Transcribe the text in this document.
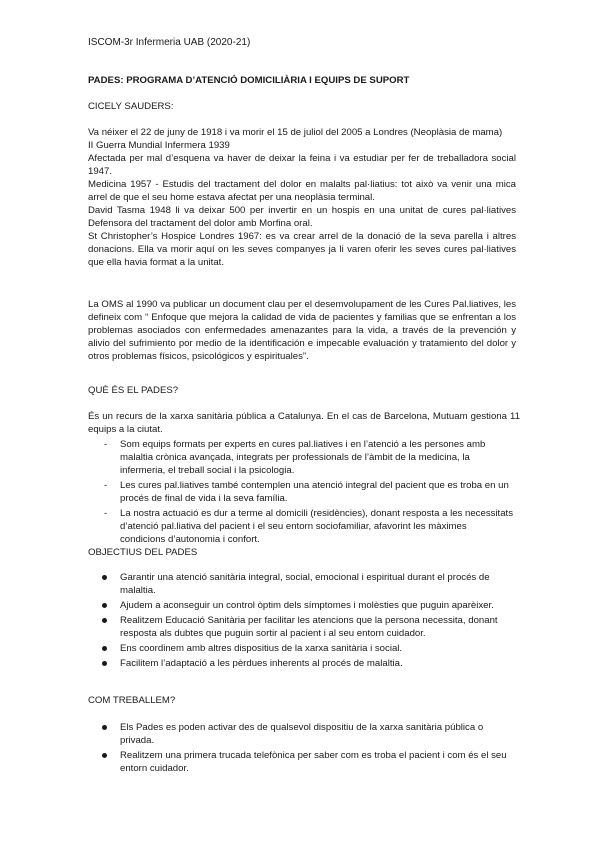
ISCOM-3r Infermeria UAB (2020-21)
PADES: PROGRAMA D’ATENCIÓ DOMICILIÀRIA I EQUIPS DE SUPORT
CICELY SAUDERS:

Va néixer el 22 de juny de 1918 i va morir el 15 de juliol del 2005 a Londres (Neoplàsia de mama)

II Guerra Mundial Infermera 1939

Afectada per mal d’esquena va haver de deixar la feina i va estudiar per fer de treballadora social 1947.

Medicina 1957 - Estudis del tractament del dolor en malalts pal·liatius: tot això va venir una mica arrel de que el seu home estava afectat per una neoplàsia terminal.

David Tasma 1948 li va deixar 500 per invertir en un hospis en una unitat de cures pal·liatives Defensora del tractament del dolor amb Morfina oral.

St Christopher’s Hospice Londres 1967: es va crear arrel de la donació de la seva parella i altres donacions. Ella va morir aquí on les seves companyes ja li varen oferir les seves cures pal·liatives que ella havia format a la unitat.

La OMS al 1990 va publicar un document clau per el desemvolupament de les Cures Pal.liatives, les defineix com “ Enfoque que mejora la calidad de vida de pacientes y familias que se enfrentan a los problemas asociados con enfermedades amenazantes para la vida, a través de la prevención y alivio del sufrimiento por medio de la identificación e impecable evaluación y tratamiento del dolor y otros problemas físicos, psicológicos y espirituales”.
QUÈ ÉS EL PADES?
És un recurs de la xarxa sanitària pública a Catalunya. En el cas de Barcelona, Mutuam gestiona 11 equips a la ciutat.
- Som equips formats per experts en cures pal.liatives i en l’atenció a les persones amb malaltia crònica avançada, integrats per professionals de l’àmbit de la medicina, la infermeria, el treball social i la psicologia.
- Les cures pal.liatives també contemplen una atenció integral del pacient que es troba en un procés de final de vida i la seva família.
- La nostra actuació es dur a terme al domicili (residències), donant resposta a les necessitats d’atenció pal.liativa del pacient i el seu entorn sociofamiliar, afavorint les màximes condicions d’autonomia i confort.
OBJECTIUS DEL PADES
Garantir una atenció sanitària integral, social, emocional i espiritual durant el procés de malaltia.
Ajudem a aconseguir un control òptim dels símptomes i molèsties que puguin aparèixer.
Realitzem Educació Sanitària per facilitar les atencions que la persona necessita, donant resposta als dubtes que puguin sortir al pacient i al seu entorn cuidador.
Ens coordinem amb altres dispositius de la xarxa sanitària i social.
Facilitem l’adaptació a les pèrdues inherents al procés de malaltia.
COM TREBALLEM?
Els Pades es poden activar des de qualsevol dispositiu de la xarxa sanitària pública o privada.
Realitzem una primera trucada telefònica per saber com es troba el pacient i com és el seu entorn cuidador.
